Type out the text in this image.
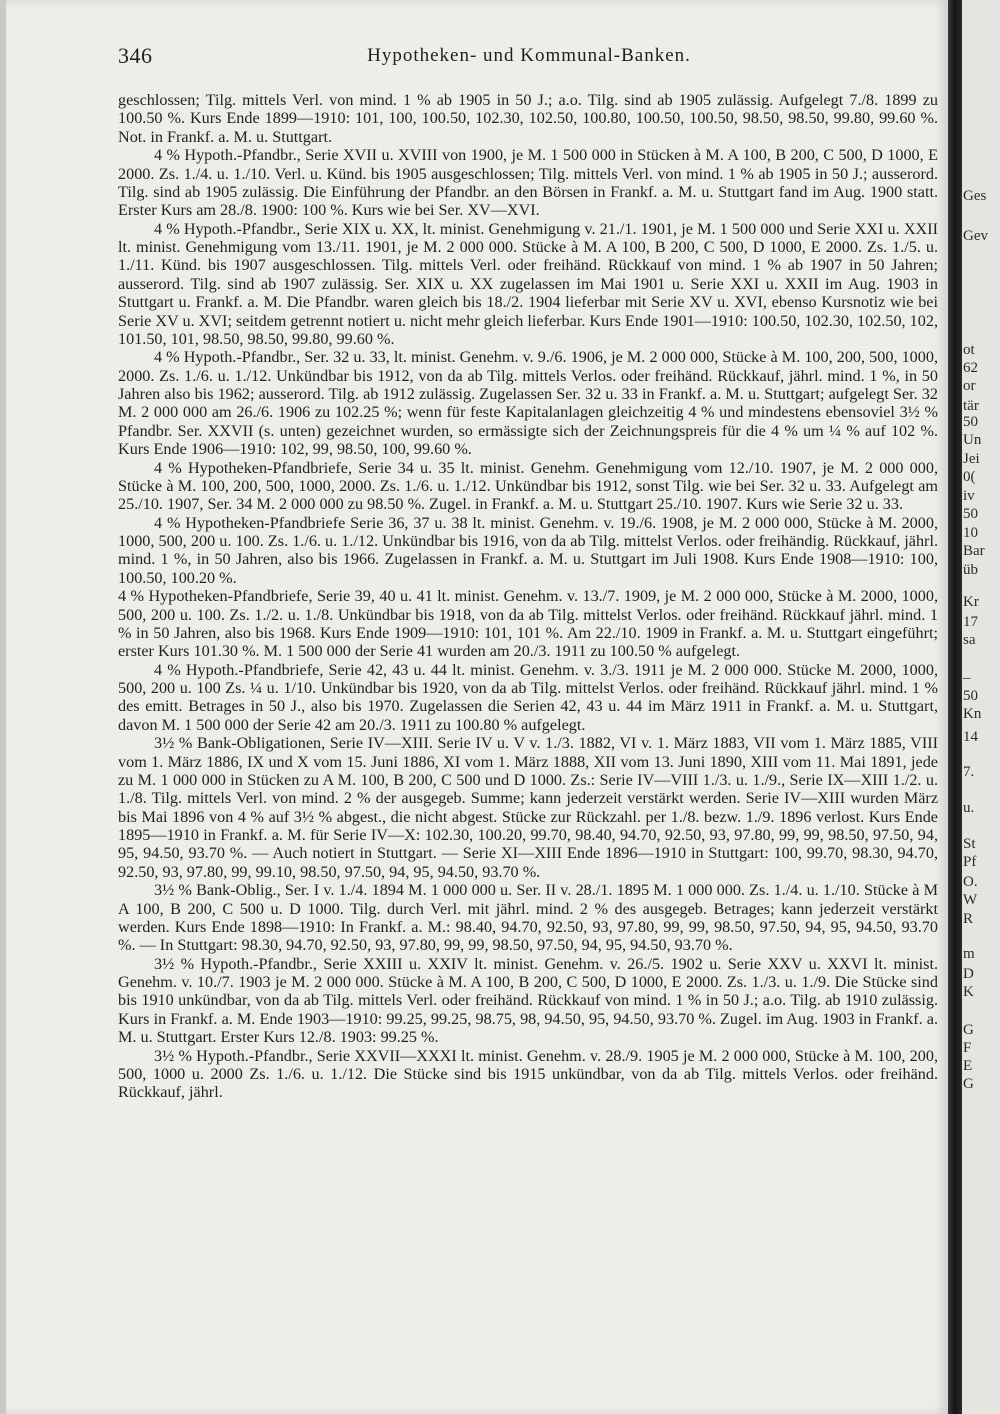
346	Hypotheken- und Kommunal-Banken.

geschlossen; Tilg. mittels Verl. von mind. 1 % ab 1905 in 50 J.; a.o. Tilg. sind ab 1905 zulässig. Aufgelegt 7./8. 1899 zu 100.50 %. Kurs Ende 1899—1910: 101, 100, 100.50, 102.30, 102.50, 100.80, 100.50, 100.50, 98.50, 98.50, 99.80, 99.60 %. Not. in Frankf. a. M. u. Stuttgart.

4 % Hypoth.-Pfandbr., Serie XVII u. XVIII von 1900, je M. 1 500 000 in Stücken à M. A 100, B 200, C 500, D 1000, E 2000. Zs. 1./4. u. 1./10. Verl. u. Künd. bis 1905 ausgeschlossen; Tilg. mittels Verl. von mind. 1 % ab 1905 in 50 J.; ausserord. Tilg. sind ab 1905 zulässig. Die Einführung der Pfandbr. an den Börsen in Frankf. a. M. u. Stuttgart fand im Aug. 1900 statt. Erster Kurs am 28./8. 1900: 100 %. Kurs wie bei Ser. XV—XVI.

4 % Hypoth.-Pfandbr., Serie XIX u. XX, lt. minist. Genehmigung v. 21./1. 1901, je M. 1 500 000 und Serie XXI u. XXII lt. minist. Genehmigung vom 13./11. 1901, je M. 2 000 000. Stücke à M. A 100, B 200, C 500, D 1000, E 2000. Zs. 1./5. u. 1./11. Künd. bis 1907 ausgeschlossen. Tilg. mittels Verl. oder freihänd. Rückkauf von mind. 1 % ab 1907 in 50 Jahren; ausserord. Tilg. sind ab 1907 zulässig. Ser. XIX u. XX zugelassen im Mai 1901 u. Serie XXI u. XXII im Aug. 1903 in Stuttgart u. Frankf. a. M. Die Pfandbr. waren gleich bis 18./2. 1904 lieferbar mit Serie XV u. XVI, ebenso Kursnotiz wie bei Serie XV u. XVI; seitdem getrennt notiert u. nicht mehr gleich lieferbar. Kurs Ende 1901—1910: 100.50, 102.30, 102.50, 102, 101.50, 101, 98.50, 98.50, 99.80, 99.60 %.

4 % Hypoth.-Pfandbr., Ser. 32 u. 33, lt. minist. Genehm. v. 9./6. 1906, je M. 2 000 000, Stücke à M. 100, 200, 500, 1000, 2000. Zs. 1./6. u. 1./12. Unkündbar bis 1912, von da ab Tilg. mittels Verlos. oder freihänd. Rückkauf, jährl. mind. 1 %, in 50 Jahren also bis 1962; ausserord. Tilg. ab 1912 zulässig. Zugelassen Ser. 32 u. 33 in Frankf. a. M. u. Stuttgart; aufgelegt Ser. 32 M. 2 000 000 am 26./6. 1906 zu 102.25 %; wenn für feste Kapitalanlagen gleichzeitig 4 % und mindestens ebensoviel 3½ % Pfandbr. Ser. XXVII (s. unten) gezeichnet wurden, so ermässigte sich der Zeichnungspreis für die 4 % um ¼ % auf 102 %. Kurs Ende 1906—1910: 102, 99, 98.50, 100, 99.60 %.

4 % Hypotheken-Pfandbriefe, Serie 34 u. 35 lt. minist. Genehm. Genehmigung vom 12./10. 1907, je M. 2 000 000, Stücke à M. 100, 200, 500, 1000, 2000. Zs. 1./6. u. 1./12. Unkündbar bis 1912, sonst Tilg. wie bei Ser. 32 u. 33. Aufgelegt am 25./10. 1907, Ser. 34 M. 2 000 000 zu 98.50 %. Zugel. in Frankf. a. M. u. Stuttgart 25./10. 1907. Kurs wie Serie 32 u. 33.

4 % Hypotheken-Pfandbriefe Serie 36, 37 u. 38 lt. minist. Genehm. v. 19./6. 1908, je M. 2 000 000, Stücke à M. 2000, 1000, 500, 200 u. 100. Zs. 1./6. u. 1./12. Unkündbar bis 1916, von da ab Tilg. mittelst Verlos. oder freihändig. Rückkauf, jährl. mind. 1 %, in 50 Jahren, also bis 1966. Zugelassen in Frankf. a. M. u. Stuttgart im Juli 1908. Kurs Ende 1908—1910: 100, 100.50, 100.20 %.

4 % Hypotheken-Pfandbriefe, Serie 39, 40 u. 41 lt. minist. Genehm. v. 13./7. 1909, je M. 2 000 000, Stücke à M. 2000, 1000, 500, 200 u. 100. Zs. 1./2. u. 1./8. Unkündbar bis 1918, von da ab Tilg. mittelst Verlos. oder freihänd. Rückkauf jährl. mind. 1 % in 50 Jahren, also bis 1968. Kurs Ende 1909—1910: 101, 101 %. Am 22./10. 1909 in Frankf. a. M. u. Stuttgart eingeführt; erster Kurs 101.30 %. M. 1 500 000 der Serie 41 wurden am 20./3. 1911 zu 100.50 % aufgelegt.

4 % Hypoth.-Pfandbriefe, Serie 42, 43 u. 44 lt. minist. Genehm. v. 3./3. 1911 je M. 2 000 000. Stücke M. 2000, 1000, 500, 200 u. 100 Zs. ¼ u. 1/10. Unkündbar bis 1920, von da ab Tilg. mittelst Verlos. oder freihänd. Rückkauf jährl. mind. 1 % des emitt. Betrages in 50 J., also bis 1970. Zugelassen die Serien 42, 43 u. 44 im März 1911 in Frankf. a. M. u. Stuttgart, davon M. 1 500 000 der Serie 42 am 20./3. 1911 zu 100.80 % aufgelegt.

3½ % Bank-Obligationen, Serie IV—XIII. Serie IV u. V v. 1./3. 1882, VI v. 1. März 1883, VII vom 1. März 1885, VIII vom 1. März 1886, IX und X vom 15. Juni 1886, XI vom 1. März 1888, XII vom 13. Juni 1890, XIII vom 11. Mai 1891, jede zu M. 1 000 000 in Stücken zu A M. 100, B 200, C 500 und D 1000. Zs.: Serie IV—VIII 1./3. u. 1./9., Serie IX—XIII 1./2. u. 1./8. Tilg. mittels Verl. von mind. 2 % der ausgegeb. Summe; kann jederzeit verstärkt werden. Serie IV—XIII wurden März bis Mai 1896 von 4 % auf 3½ % abgest., die nicht abgest. Stücke zur Rückzahl. per 1./8. bezw. 1./9. 1896 verlost. Kurs Ende 1895—1910 in Frankf. a. M. für Serie IV—X: 102.30, 100.20, 99.70, 98.40, 94.70, 92.50, 93, 97.80, 99, 99, 98.50, 97.50, 94, 95, 94.50, 93.70 %. — Auch notiert in Stuttgart. — Serie XI—XIII Ende 1896—1910 in Stuttgart: 100, 99.70, 98.30, 94.70, 92.50, 93, 97.80, 99, 99.10, 98.50, 97.50, 94, 95, 94.50, 93.70 %.

3½ % Bank-Oblig., Ser. I v. 1./4. 1894 M. 1 000 000 u. Ser. II v. 28./1. 1895 M. 1 000 000. Zs. 1./4. u. 1./10. Stücke à M A 100, B 200, C 500 u. D 1000. Tilg. durch Verl. mit jährl. mind. 2 % des ausgegeb. Betrages; kann jederzeit verstärkt werden. Kurs Ende 1898—1910: In Frankf. a. M.: 98.40, 94.70, 92.50, 93, 97.80, 99, 99, 98.50, 97.50, 94, 95, 94.50, 93.70 %. — In Stuttgart: 98.30, 94.70, 92.50, 93, 97.80, 99, 99, 98.50, 97.50, 94, 95, 94.50, 93.70 %.

3½ % Hypoth.-Pfandbr., Serie XXIII u. XXIV lt. minist. Genehm. v. 26./5. 1902 u. Serie XXV u. XXVI lt. minist. Genehm. v. 10./7. 1903 je M. 2 000 000. Stücke à M. A 100, B 200, C 500, D 1000, E 2000. Zs. 1./3. u. 1./9. Die Stücke sind bis 1910 unkündbar, von da ab Tilg. mittels Verl. oder freihänd. Rückkauf von mind. 1 % in 50 J.; a.o. Tilg. ab 1910 zulässig. Kurs in Frankf. a. M. Ende 1903—1910: 99.25, 99.25, 98.75, 98, 94.50, 95, 94.50, 93.70 %. Zugel. im Aug. 1903 in Frankf. a. M. u. Stuttgart. Erster Kurs 12./8. 1903: 99.25 %.

3½ % Hypoth.-Pfandbr., Serie XXVII—XXXI lt. minist. Genehm. v. 28./9. 1905 je M. 2 000 000, Stücke à M. 100, 200, 500, 1000 u. 2000 Zs. 1./6. u. 1./12. Die Stücke sind bis 1915 unkündbar, von da ab Tilg. mittels Verlos. oder freihänd. Rückkauf, jährl.

Ges
Gev
ot
62
or
tär
50
Un
Jei
0(
iv
50
10
Bar
üb
Kr
17
sa
–
50
Kn
14
7.
u.
St
Pf
O.
W
R
m
D
K
G
F
E
G
